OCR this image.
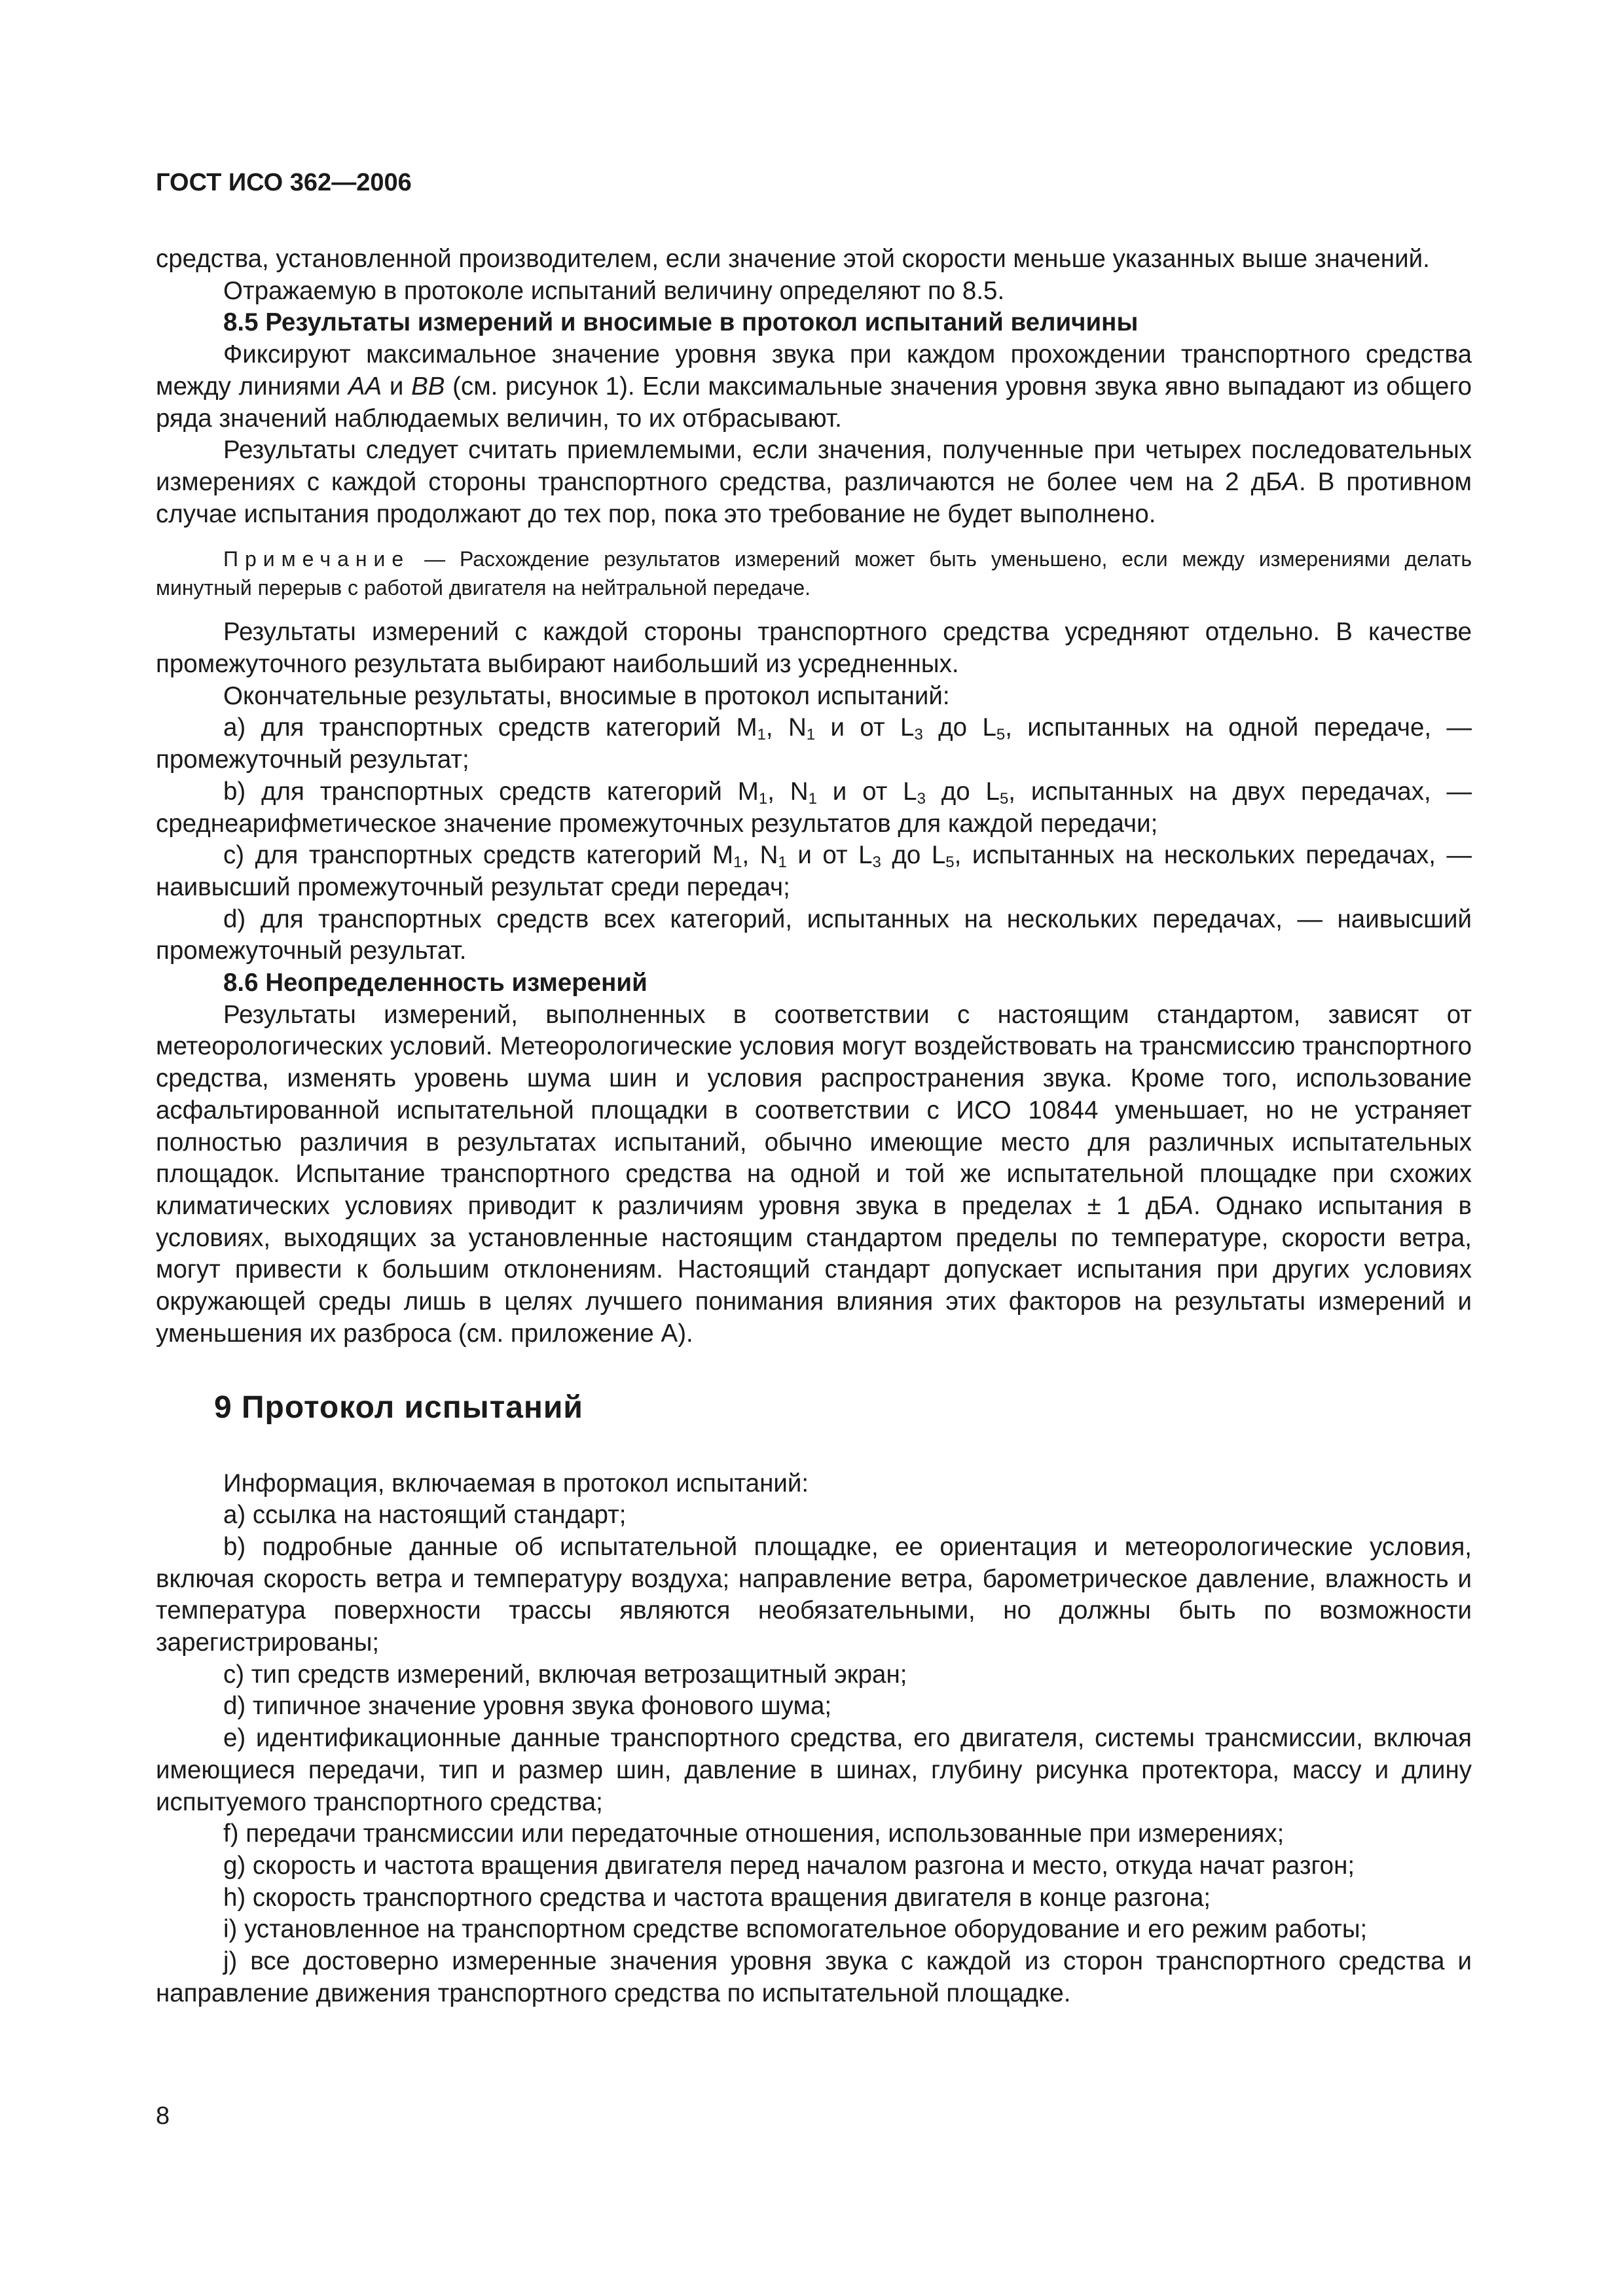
ГОСТ ИСО 362—2006

средства, установленной производителем, если значение этой скорости меньше указанных выше значений.

Отражаемую в протоколе испытаний величину определяют по 8.5.

8.5 Результаты измерений и вносимые в протокол испытаний величины

Фиксируют максимальное значение уровня звука при каждом прохождении транспортного средства между линиями AA и BB (см. рисунок 1). Если максимальные значения уровня звука явно выпадают из общего ряда значений наблюдаемых величин, то их отбрасывают.

Результаты следует считать приемлемыми, если значения, полученные при четырех последовательных измерениях с каждой стороны транспортного средства, различаются не более чем на 2 дБA. В противном случае испытания продолжают до тех пор, пока это требование не будет выполнено.

Примечание — Расхождение результатов измерений может быть уменьшено, если между измерениями делать минутный перерыв с работой двигателя на нейтральной передаче.

Результаты измерений с каждой стороны транспортного средства усредняют отдельно. В качестве промежуточного результата выбирают наибольший из усредненных.

Окончательные результаты, вносимые в протокол испытаний:

a) для транспортных средств категорий $M_1$, $N_1$ и от $L_3$ до $L_5$, испытанных на одной передаче, — промежуточный результат;

b) для транспортных средств категорий $M_1$, $N_1$ и от $L_3$ до $L_5$, испытанных на двух передачах, — среднеарифметическое значение промежуточных результатов для каждой передачи;

c) для транспортных средств категорий $M_1$, $N_1$ и от $L_3$ до $L_5$, испытанных на нескольких передачах, — наивысший промежуточный результат среди передач;

d) для транспортных средств всех категорий, испытанных на нескольких передачах, — наивысший промежуточный результат.

8.6 Неопределенность измерений

Результаты измерений, выполненных в соответствии с настоящим стандартом, зависят от метеорологических условий. Метеорологические условия могут воздействовать на трансмиссию транспортного средства, изменять уровень шума шин и условия распространения звука. Кроме того, использование асфальтированной испытательной площадки в соответствии с ИСО 10844 уменьшает, но не устраняет полностью различия в результатах испытаний, обычно имеющие место для различных испытательных площадок. Испытание транспортного средства на одной и той же испытательной площадке при схожих климатических условиях приводит к различиям уровня звука в пределах ± 1 дБA. Однако испытания в условиях, выходящих за установленные настоящим стандартом пределы по температуре, скорости ветра, могут привести к большим отклонениям. Настоящий стандарт допускает испытания при других условиях окружающей среды лишь в целях лучшего понимания влияния этих факторов на результаты измерений и уменьшения их разброса (см. приложение А).

9 Протокол испытаний

Информация, включаемая в протокол испытаний:

a) ссылка на настоящий стандарт;

b) подробные данные об испытательной площадке, ее ориентация и метеорологические условия, включая скорость ветра и температуру воздуха; направление ветра, барометрическое давление, влажность и температура поверхности трассы являются необязательными, но должны быть по возможности зарегистрированы;

c) тип средств измерений, включая ветрозащитный экран;

d) типичное значение уровня звука фонового шума;

e) идентификационные данные транспортного средства, его двигателя, системы трансмиссии, включая имеющиеся передачи, тип и размер шин, давление в шинах, глубину рисунка протектора, массу и длину испытуемого транспортного средства;

f) передачи трансмиссии или передаточные отношения, использованные при измерениях;

g) скорость и частота вращения двигателя перед началом разгона и место, откуда начат разгон;

h) скорость транспортного средства и частота вращения двигателя в конце разгона;

i) установленное на транспортном средстве вспомогательное оборудование и его режим работы;

j) все достоверно измеренные значения уровня звука с каждой из сторон транспортного средства и направление движения транспортного средства по испытательной площадке.

8
